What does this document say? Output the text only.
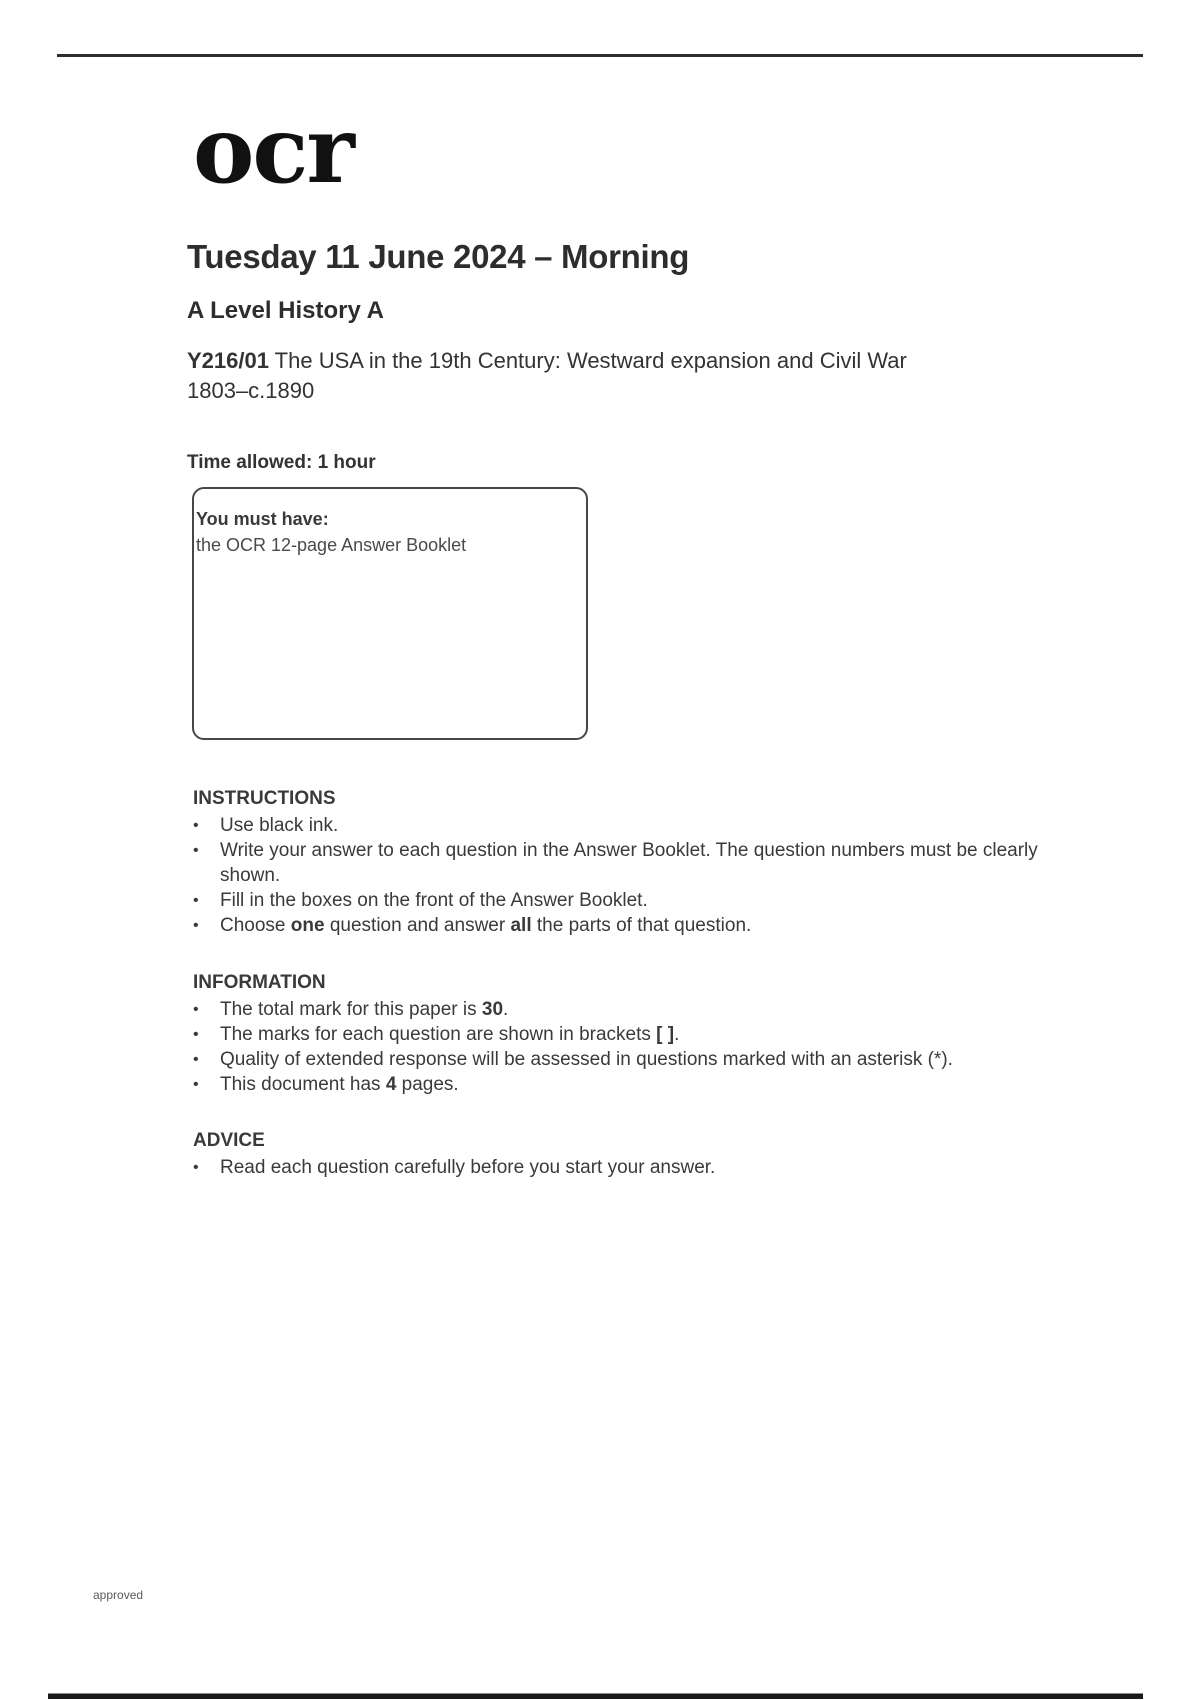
ocr
Tuesday 11 June 2024 – Morning
A Level History A
Y216/01 The USA in the 19th Century: Westward expansion and Civil War 1803–c.1890
Time allowed: 1 hour
You must have:
the OCR 12-page Answer Booklet
INSTRUCTIONS
•	Use black ink.
•	Write your answer to each question in the Answer Booklet. The question numbers must be clearly shown.
•	Fill in the boxes on the front of the Answer Booklet.
•	Choose one question and answer all the parts of that question.
INFORMATION
•	The total mark for this paper is 30.
•	The marks for each question are shown in brackets [ ].
•	Quality of extended response will be assessed in questions marked with an asterisk (*).
•	This document has 4 pages.
ADVICE
•	Read each question carefully before you start your answer.
approved
